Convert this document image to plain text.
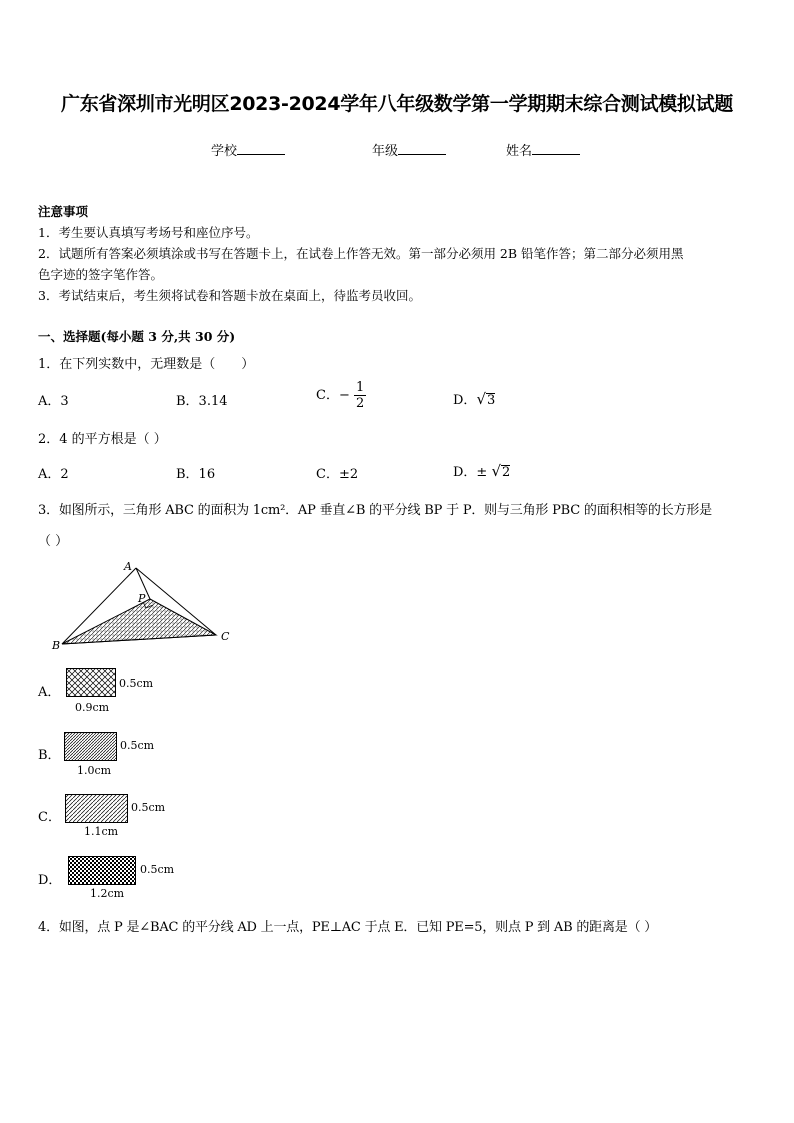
广东省深圳市光明区2023-2024学年八年级数学第一学期期末综合测试模拟试题
学校	年级	姓名
注意事项
1．考生要认真填写考场号和座位序号。
2．试题所有答案必须填涂或书写在答题卡上，在试卷上作答无效。第一部分必须用 2B 铅笔作答；第二部分必须用黑
色字迹的签字笔作答。
3．考试结束后，考生须将试卷和答题卡放在桌面上，待监考员收回。
一、选择题(每小题 3 分,共 30 分)
1．在下列实数中，无理数是（　　）
A．3	B．3.14	C．− $\frac{1}{2}$	D．√3
2．4 的平方根是（ ）
A．2	B．16	C．±2	D．± √2
3．如图所示，三角形 ABC 的面积为 1cm²．AP 垂直∠B 的平分线 BP 于 P．则与三角形 PBC 的面积相等的长方形是
（ ）
A
B
C
P
A．
0.5cm
0.9cm
B．
0.5cm
1.0cm
C．
0.5cm
1.1cm
D．
0.5cm
1.2cm
4．如图，点 P 是∠BAC 的平分线 AD 上一点，PE⊥AC 于点 E．已知 PE=5，则点 P 到 AB 的距离是（ ）
